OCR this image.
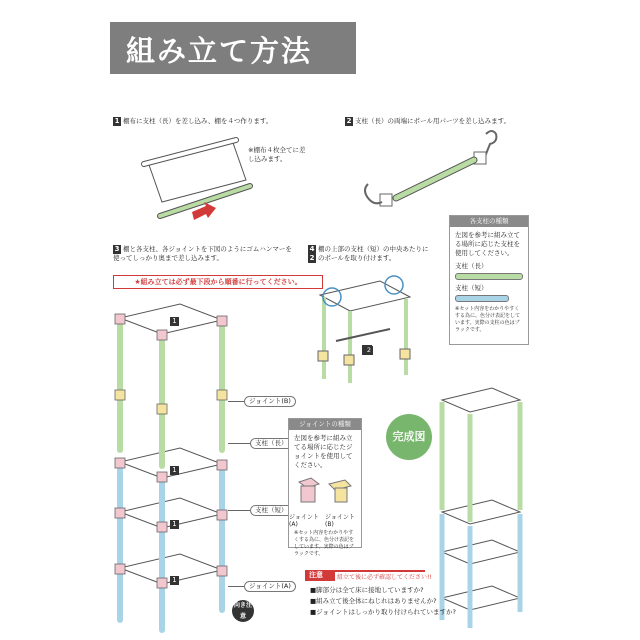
組み立て方法
1 棚布に支柱（長）を差し込み、棚を４つ作ります。
※棚布４枚全てに差し込みます。
2 支柱（長）の両端にポール用パーツを差し込みます。
3 棚と各支柱、各ジョイントを下図のようにゴムハンマーを使ってしっかり奥まで差し込みます。
★組み立ては必ず最下段から順番に行ってください。
4 棚の上部の支柱（短）の中央あたりに
2 のポールを取り付けます。
2
各支柱の種類
左図を参考に組み立てる場所に応じた支柱を使用してください。
支柱（長）
支柱（短）
※セット内容をわかりやすくする為に、色分け表記をしています。実際の支柱の色はブラックです。
1
1
1
1
ジョイント(B)
支柱（長）
支柱（短）
ジョイント(A)
向き注意
ジョイントの種類
左図を参考に組み立てる場所に応じたジョイントを使用してください。
ジョイント(A)
ジョイント(B)
※セット内容をわかりやすくする為に、色分け表記をしています。実際の色はブラックです。
完成図
注意	組立て後に必ず確認してください!!
■脚部分は全て床に接地していますか?
■組み立て後全体にねじれはありませんか?
■ジョイントはしっかり取り付けられていますか?
